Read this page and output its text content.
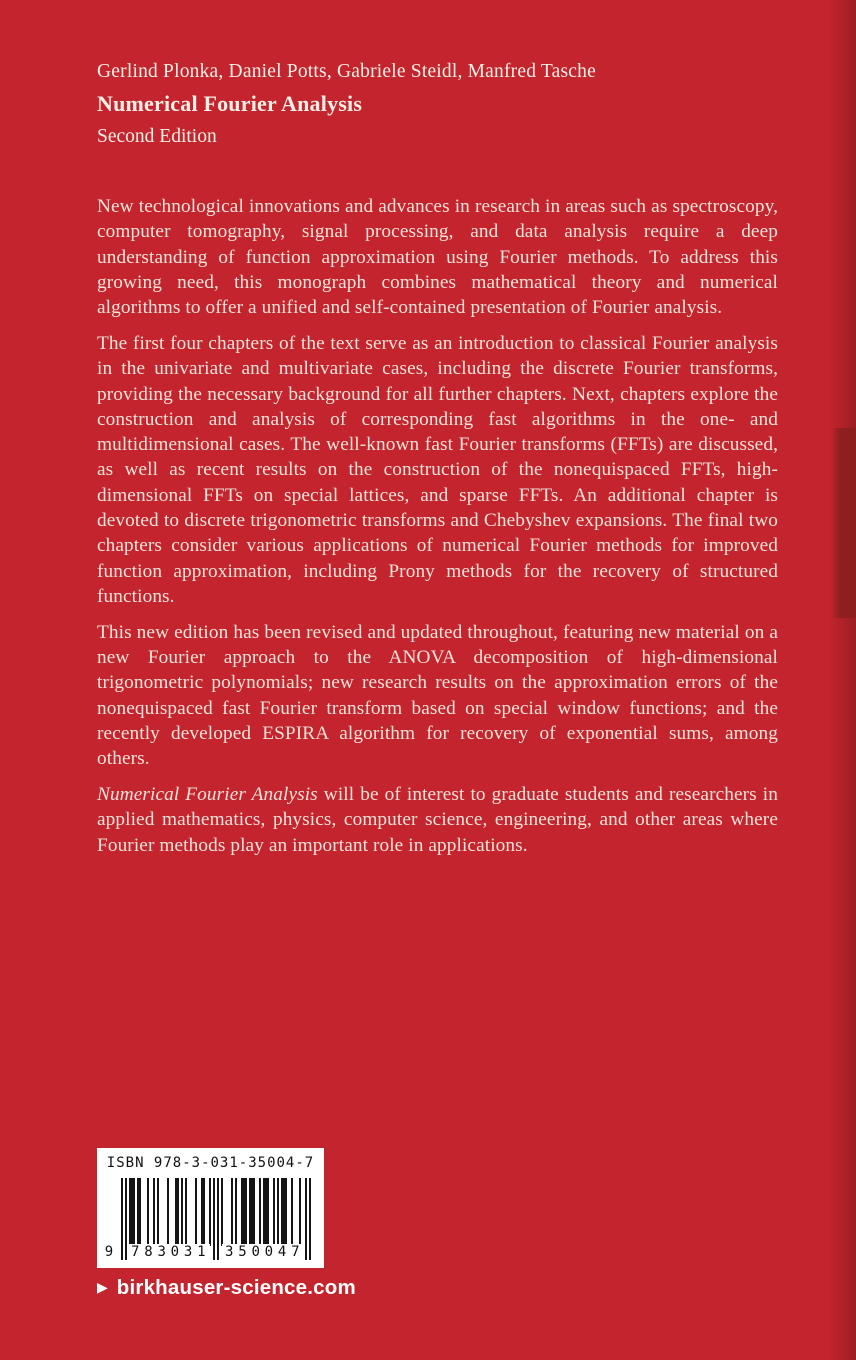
Gerlind Plonka, Daniel Potts, Gabriele Steidl, Manfred Tasche
Numerical Fourier Analysis
Second Edition

New technological innovations and advances in research in areas such as spectroscopy, computer tomography, signal processing, and data analysis require a deep understanding of function approximation using Fourier methods. To address this growing need, this monograph combines mathematical theory and numerical algorithms to offer a unified and self-contained presentation of Fourier analysis.

The first four chapters of the text serve as an introduction to classical Fourier analysis in the univariate and multivariate cases, including the discrete Fourier transforms, providing the necessary background for all further chapters. Next, chapters explore the construction and analysis of corresponding fast algorithms in the one- and multidimensional cases. The well-known fast Fourier transforms (FFTs) are discussed, as well as recent results on the construction of the nonequispaced FFTs, high-dimensional FFTs on special lattices, and sparse FFTs. An additional chapter is devoted to discrete trigonometric transforms and Chebyshev expansions. The final two chapters consider various applications of numerical Fourier methods for improved function approximation, including Prony methods for the recovery of structured functions.

This new edition has been revised and updated throughout, featuring new material on a new Fourier approach to the ANOVA decomposition of high-dimensional trigonometric polynomials; new research results on the approximation errors of the nonequispaced fast Fourier transform based on special window functions; and the recently developed ESPIRA algorithm for recovery of exponential sums, among others.

Numerical Fourier Analysis will be of interest to graduate students and researchers in applied mathematics, physics, computer science, engineering, and other areas where Fourier methods play an important role in applications.

ISBN 978-3-031-35004-7
9	783031 350047
▶ birkhauser-science.com
